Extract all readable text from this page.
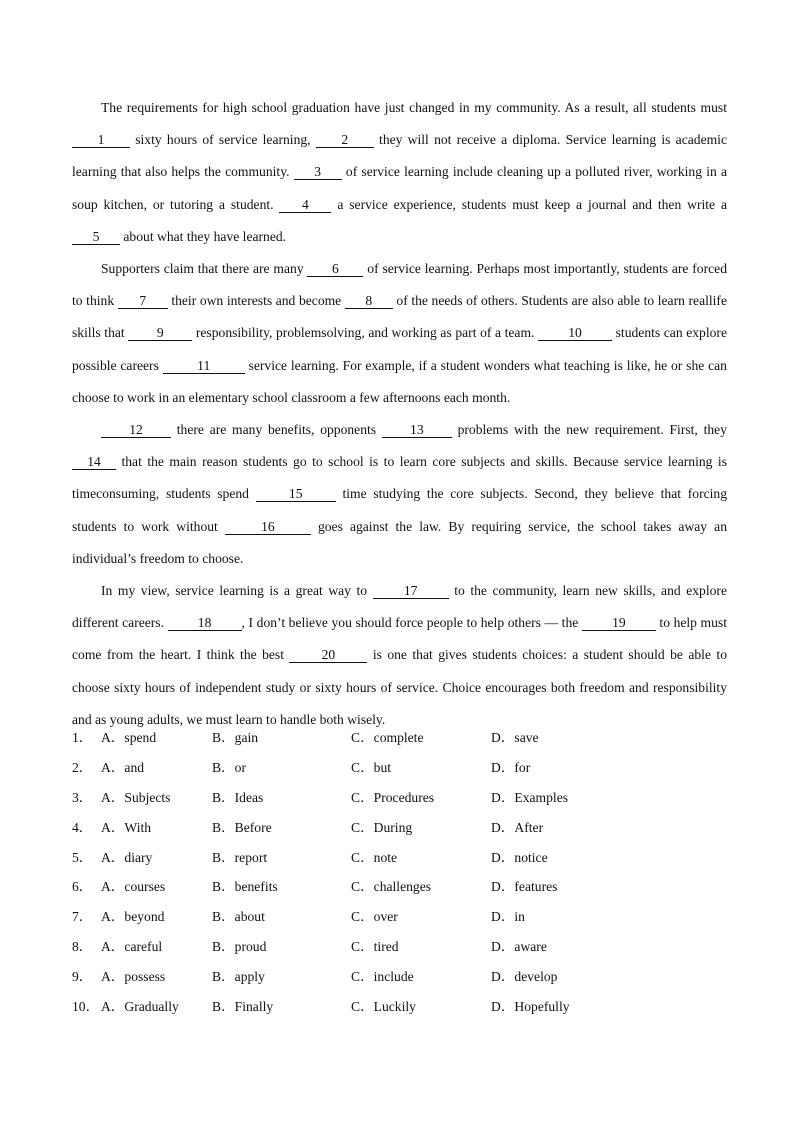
The requirements for high school graduation have just changed in my community. As a result, all students must 1 sixty hours of service learning, 2 they will not receive a diploma. Service learning is academic learning that also helps the community. 3 of service learning include cleaning up a polluted river, working in a soup kitchen, or tutoring a student. 4 a service experience, students must keep a journal and then write a 5 about what they have learned.

Supporters claim that there are many 6 of service learning. Perhaps most importantly, students are forced to think 7 their own interests and become 8 of the needs of others. Students are also able to learn reallife skills that 9 responsibility, problemsolving, and working as part of a team. 10 students can explore possible careers	11	service learning. For example, if a student wonders what teaching is like, he or she can choose to work in an elementary school classroom a few afternoons each month.

12 there are many benefits, opponents 13 problems with the new requirement. First, they 14 that the main reason students go to school is to learn core subjects and skills. Because service learning is timeconsuming, students spend 15 time studying the core subjects. Second, they believe that forcing students to work without	16	goes against the law. By requiring service, the school takes away an individual’s freedom to choose.

In my view, service learning is a great way to 17 to the community, learn new skills, and explore different careers. 18 , I don’t believe you should force people to help others — the 19 to help must come from the heart. I think the best 20 is one that gives students choices: a student should be able to choose sixty hours of independent study or sixty hours of service. Choice encourages both freedom and responsibility and as young adults, we must learn to handle both wisely.

1． A．spend	B．gain	C．complete	D．save
2． A．and	B．or	C．but	D．for
3． A．Subjects	B．Ideas	C．Procedures	D．Examples
4． A．With	B．Before	C．During	D．After
5． A．diary	B．report	C．note	D．notice
6． A．courses	B．benefits	C．challenges	D．features
7． A．beyond	B．about	C．over	D．in
8． A．careful	B．proud	C．tired	D．aware
9． A．possess	B．apply	C．include	D．develop
10． A．Gradually B．Finally	C．Luckily	D．Hopefully
